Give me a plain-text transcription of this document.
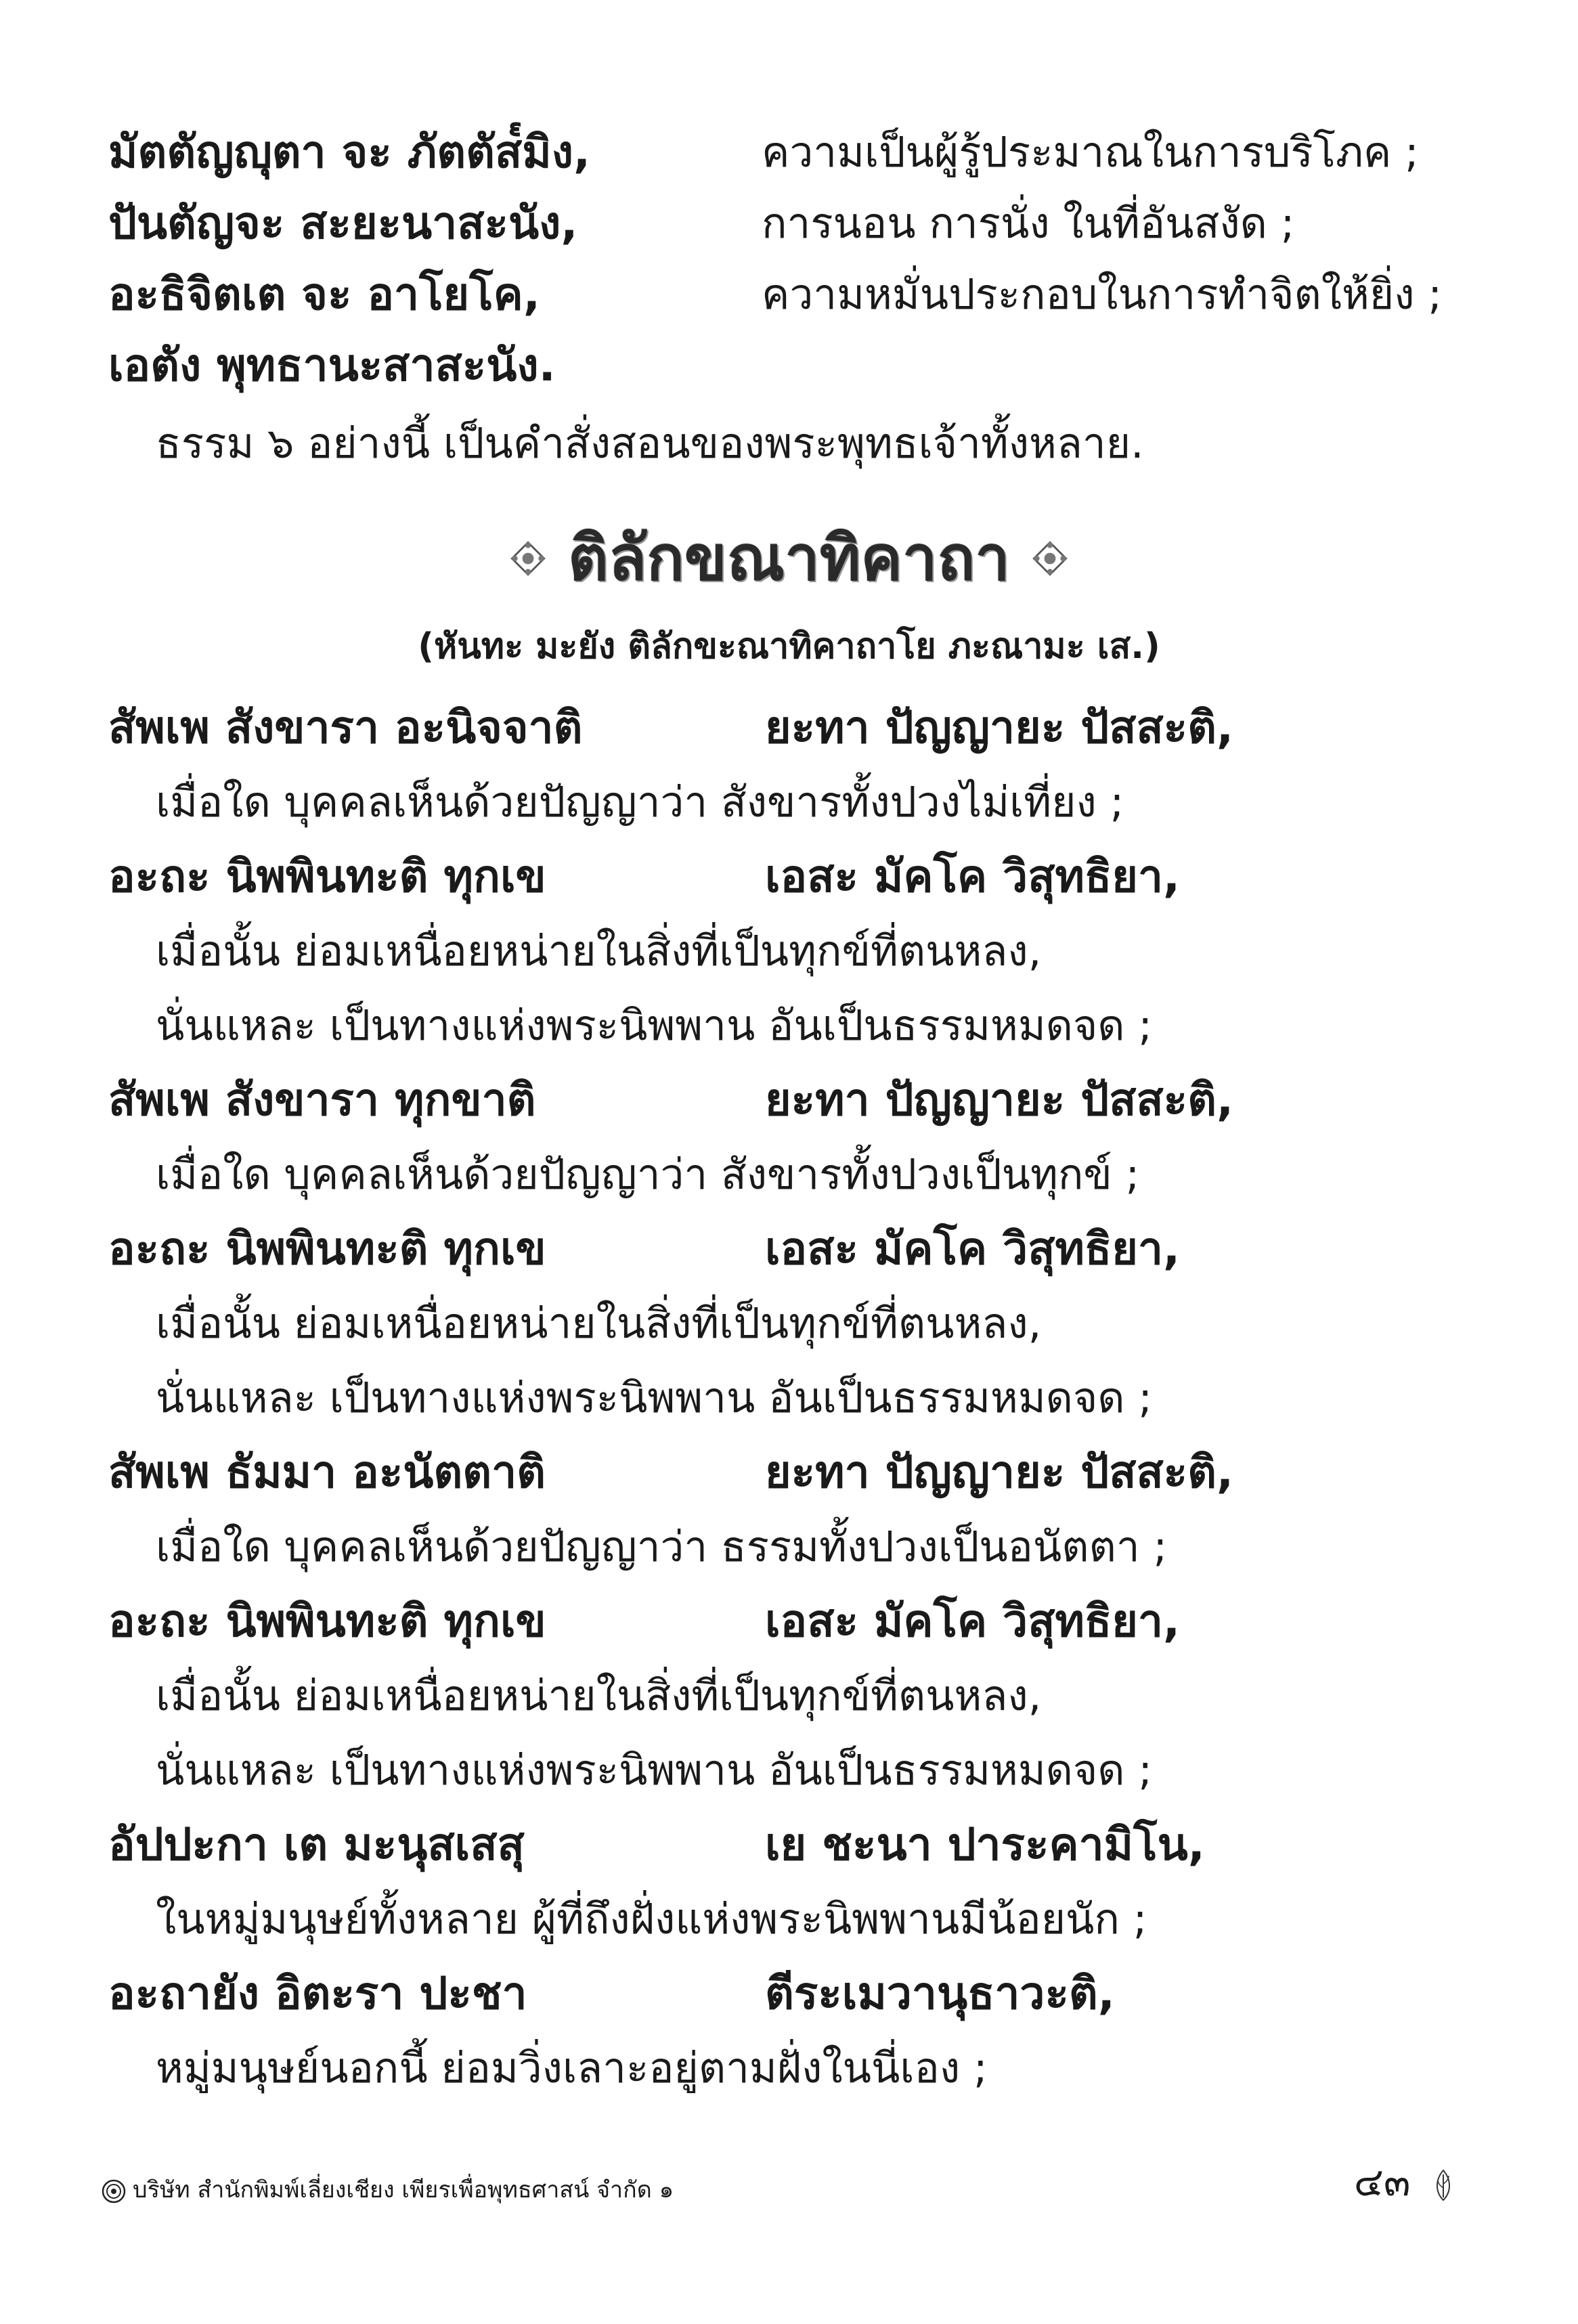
มัตตัญญุตา จะ ภัตตัส๎มิง,	ความเป็นผู้รู้ประมาณในการบริโภค ;
ปันตัญจะ สะยะนาสะนัง,	การนอน การนั่ง ในที่อันสงัด ;
อะธิจิตเต จะ อาโยโค,	ความหมั่นประกอบในการทำจิตให้ยิ่ง ;
เอตัง พุทธานะสาสะนัง.
ธรรม ๖ อย่างนี้ เป็นคำสั่งสอนของพระพุทธเจ้าทั้งหลาย.
ติลักขณาทิคาถา
(หันทะ มะยัง ติลักขะณาทิคาถาโย ภะณามะ เส.)
สัพเพ สังขารา อะนิจจาติ	ยะทา ปัญญายะ ปัสสะติ,
เมื่อใด บุคคลเห็นด้วยปัญญาว่า สังขารทั้งปวงไม่เที่ยง ;
อะถะ นิพพินทะติ ทุกเข	เอสะ มัคโค วิสุทธิยา,
เมื่อนั้น ย่อมเหนื่อยหน่ายในสิ่งที่เป็นทุกข์ที่ตนหลง,
นั่นแหละ เป็นทางแห่งพระนิพพาน อันเป็นธรรมหมดจด ;
สัพเพ สังขารา ทุกขาติ	ยะทา ปัญญายะ ปัสสะติ,
เมื่อใด บุคคลเห็นด้วยปัญญาว่า สังขารทั้งปวงเป็นทุกข์ ;
อะถะ นิพพินทะติ ทุกเข	เอสะ มัคโค วิสุทธิยา,
เมื่อนั้น ย่อมเหนื่อยหน่ายในสิ่งที่เป็นทุกข์ที่ตนหลง,
นั่นแหละ เป็นทางแห่งพระนิพพาน อันเป็นธรรมหมดจด ;
สัพเพ ธัมมา อะนัตตาติ	ยะทา ปัญญายะ ปัสสะติ,
เมื่อใด บุคคลเห็นด้วยปัญญาว่า ธรรมทั้งปวงเป็นอนัตตา ;
อะถะ นิพพินทะติ ทุกเข	เอสะ มัคโค วิสุทธิยา,
เมื่อนั้น ย่อมเหนื่อยหน่ายในสิ่งที่เป็นทุกข์ที่ตนหลง,
นั่นแหละ เป็นทางแห่งพระนิพพาน อันเป็นธรรมหมดจด ;
อัปปะกา เต มะนุสเสสุ	เย ชะนา ปาระคามิโน,
ในหมู่มนุษย์ทั้งหลาย ผู้ที่ถึงฝั่งแห่งพระนิพพานมีน้อยนัก ;
อะถายัง อิตะรา ปะชา	ตีระเมวานุธาวะติ,
หมู่มนุษย์นอกนี้ ย่อมวิ่งเลาะอยู่ตามฝั่งในนี่เอง ;
บริษัท สำนักพิมพ์เลี่ยงเชียง เพียรเพื่อพุทธศาสน์ จำกัด ๑	๔๓
